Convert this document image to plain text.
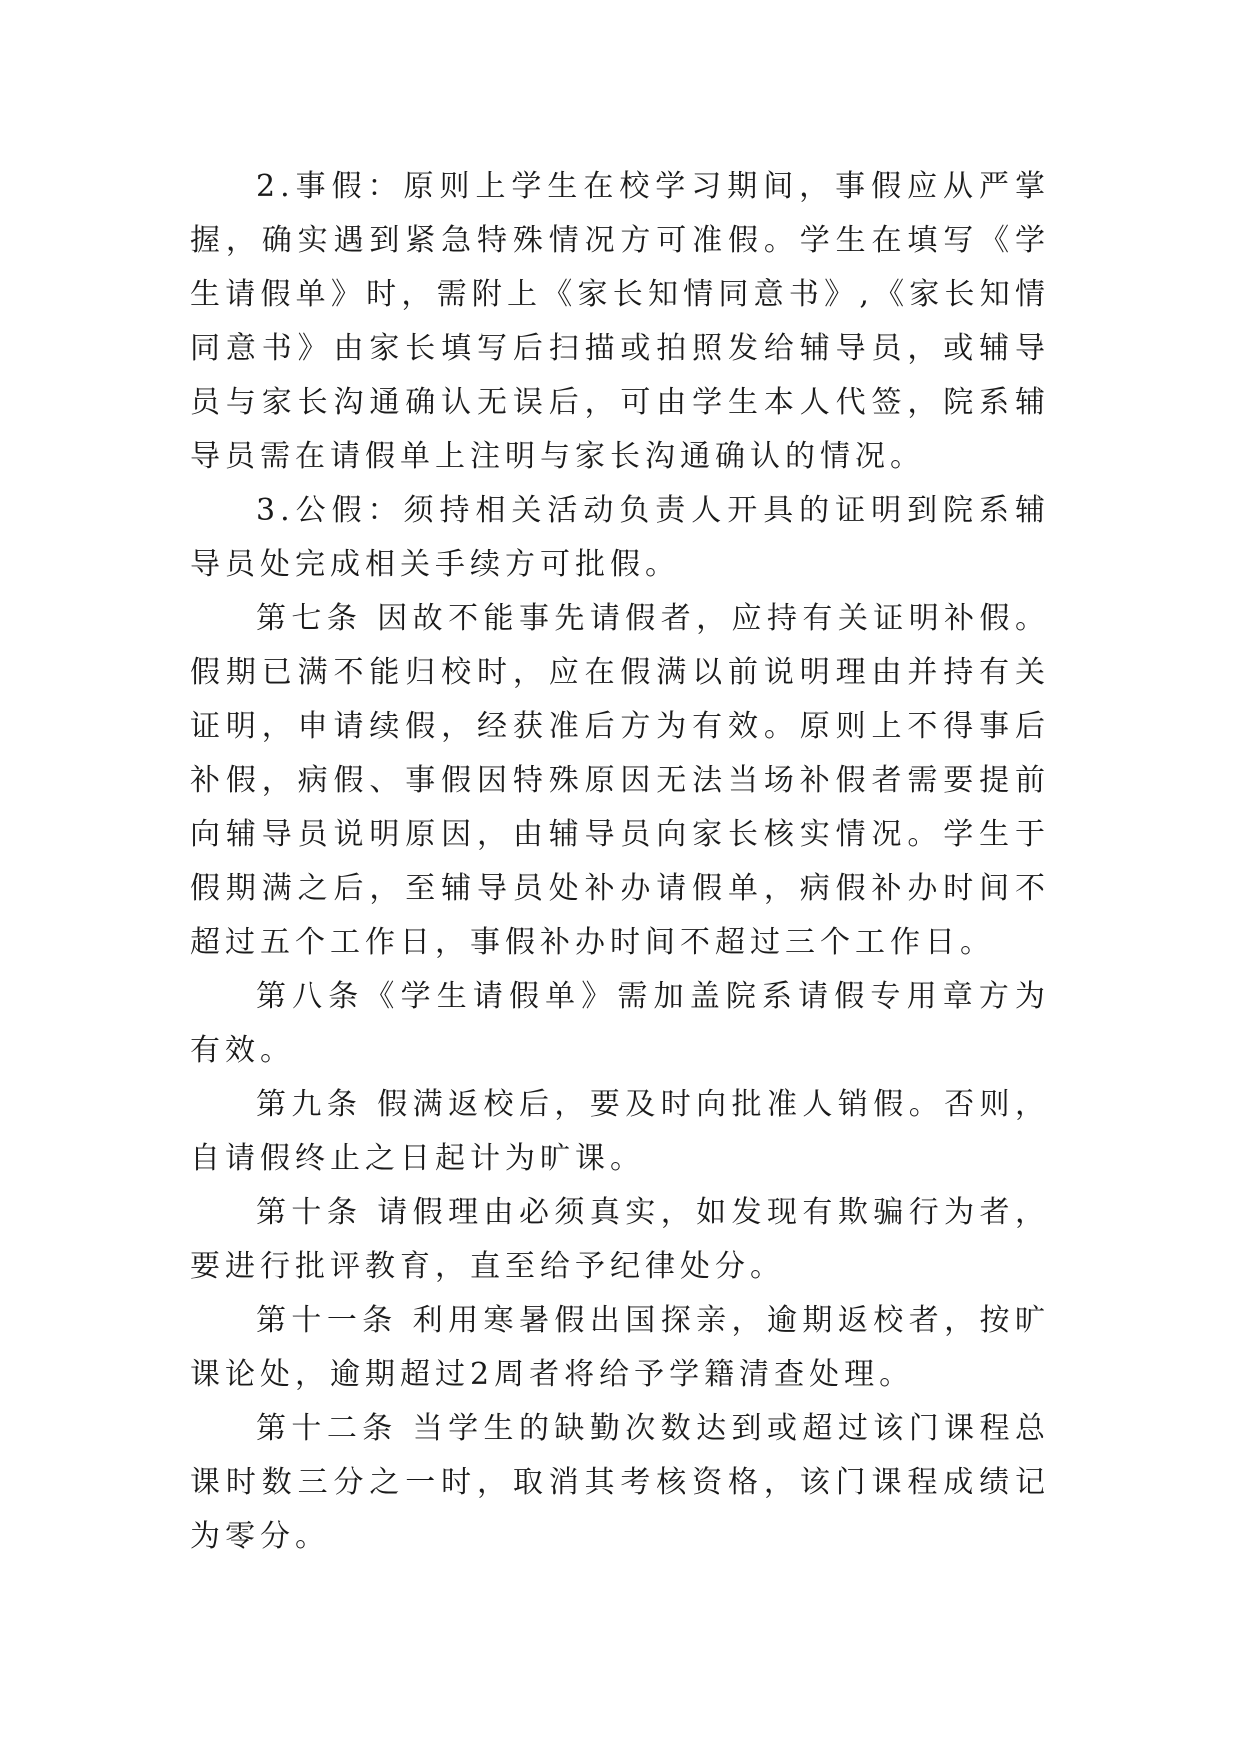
2.事假：原则上学生在校学习期间，事假应从严掌握，确实遇到紧急特殊情况方可准假。学生在填写《学生请假单》时，需附上《家长知情同意书》,《家长知情同意书》由家长填写后扫描或拍照发给辅导员，或辅导员与家长沟通确认无误后，可由学生本人代签，院系辅导员需在请假单上注明与家长沟通确认的情况。

3.公假：须持相关活动负责人开具的证明到院系辅导员处完成相关手续方可批假。

第七条 因故不能事先请假者，应持有关证明补假。假期已满不能归校时，应在假满以前说明理由并持有关证明，申请续假，经获准后方为有效。原则上不得事后补假，病假、事假因特殊原因无法当场补假者需要提前向辅导员说明原因，由辅导员向家长核实情况。学生于假期满之后，至辅导员处补办请假单，病假补办时间不超过五个工作日，事假补办时间不超过三个工作日。

第八条《学生请假单》需加盖院系请假专用章方为有效。

第九条 假满返校后，要及时向批准人销假。否则，自请假终止之日起计为旷课。

第十条 请假理由必须真实，如发现有欺骗行为者，要进行批评教育，直至给予纪律处分。

第十一条 利用寒暑假出国探亲，逾期返校者，按旷课论处，逾期超过2周者将给予学籍清查处理。

第十二条 当学生的缺勤次数达到或超过该门课程总课时数三分之一时，取消其考核资格，该门课程成绩记为零分。
